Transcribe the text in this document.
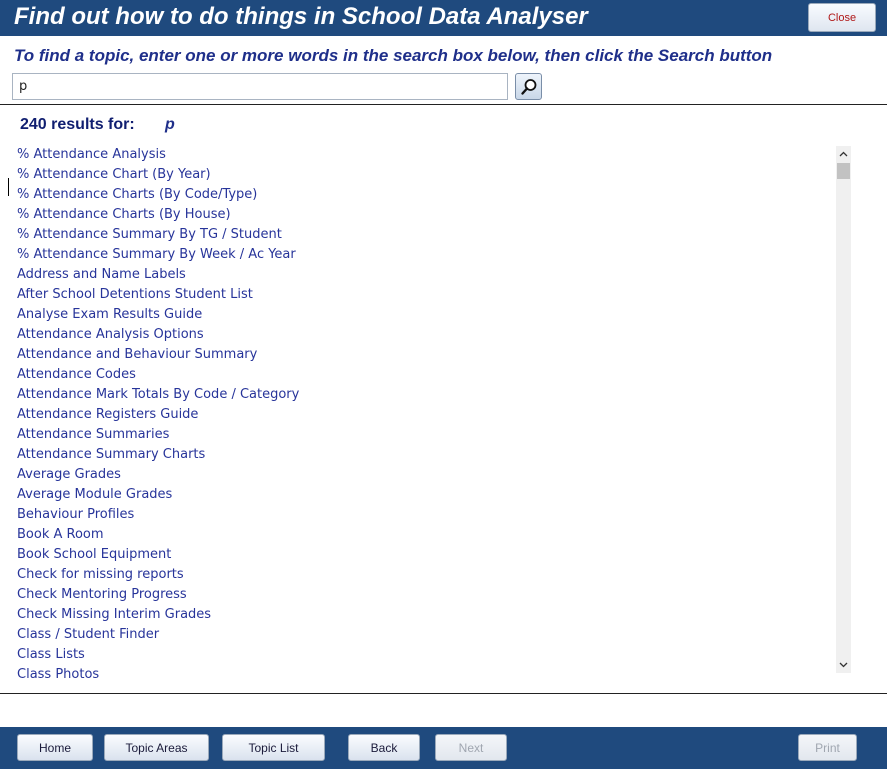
Find out how to do things in School Data Analyser	Close
To find a topic, enter one or more words in the search box below, then click the Search button
p
240 results for: p
% Attendance Analysis
% Attendance Chart (By Year)
% Attendance Charts (By Code/Type)
% Attendance Charts (By House)
% Attendance Summary By TG / Student
% Attendance Summary By Week / Ac Year
Address and Name Labels
After School Detentions Student List
Analyse Exam Results Guide
Attendance Analysis Options
Attendance and Behaviour Summary
Attendance Codes
Attendance Mark Totals By Code / Category
Attendance Registers Guide
Attendance Summaries
Attendance Summary Charts
Average Grades
Average Module Grades
Behaviour Profiles
Book A Room
Book School Equipment
Check for missing reports
Check Mentoring Progress
Check Missing Interim Grades
Class / Student Finder
Class Lists
Class Photos
Home	Topic Areas	Topic List	Back	Next	Print
